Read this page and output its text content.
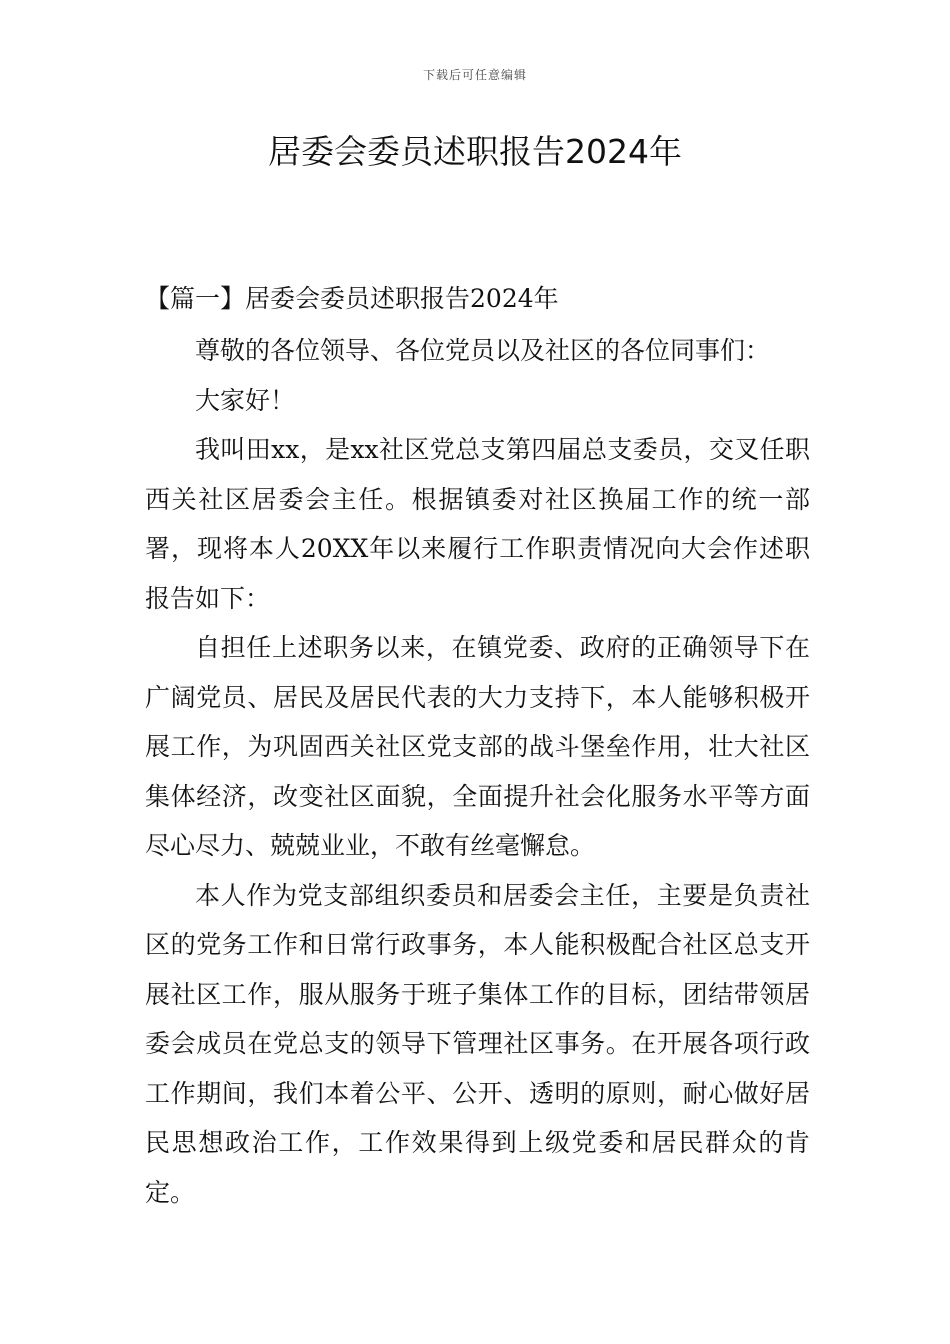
下载后可任意编辑
居委会委员述职报告2024年

【篇一】居委会委员述职报告2024年

尊敬的各位领导、各位党员以及社区的各位同事们：

大家好！

我叫田xx，是xx社区党总支第四届总支委员，交叉任职西关社区居委会主任。根据镇委对社区换届工作的统一部署，现将本人20XX年以来履行工作职责情况向大会作述职报告如下：

自担任上述职务以来，在镇党委、政府的正确领导下在广阔党员、居民及居民代表的大力支持下，本人能够积极开展工作，为巩固西关社区党支部的战斗堡垒作用，壮大社区集体经济，改变社区面貌，全面提升社会化服务水平等方面尽心尽力、兢兢业业，不敢有丝毫懈怠。

本人作为党支部组织委员和居委会主任，主要是负责社区的党务工作和日常行政事务，本人能积极配合社区总支开展社区工作，服从服务于班子集体工作的目标，团结带领居委会成员在党总支的领导下管理社区事务。在开展各项行政工作期间，我们本着公平、公开、透明的原则，耐心做好居民思想政治工作，工作效果得到上级党委和居民群众的肯定。
